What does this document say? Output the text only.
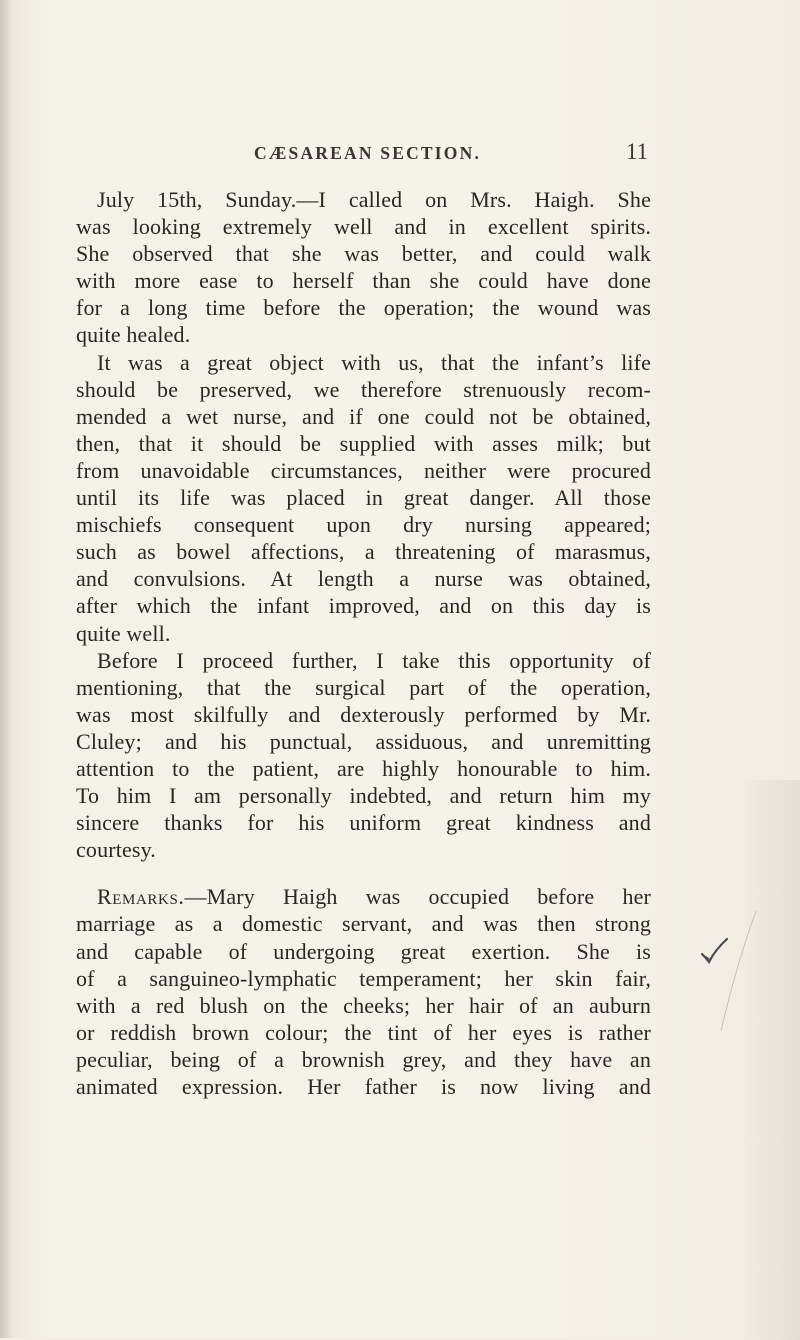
CÆSAREAN SECTION.	11
July 15th, Sunday.—I called on Mrs. Haigh. She
was looking extremely well and in excellent spirits.
She observed that she was better, and could walk
with more ease to herself than she could have done
for a long time before the operation; the wound was
quite healed.
It was a great object with us, that the infant’s life
should be preserved, we therefore strenuously recom-
mended a wet nurse, and if one could not be obtained,
then, that it should be supplied with asses milk; but
from unavoidable circumstances, neither were procured
until its life was placed in great danger. All those
mischiefs consequent upon dry nursing appeared;
such as bowel affections, a threatening of marasmus,
and convulsions. At length a nurse was obtained,
after which the infant improved, and on this day is
quite well.
Before I proceed further, I take this opportunity of
mentioning, that the surgical part of the operation,
was most skilfully and dexterously performed by Mr.
Cluley; and his punctual, assiduous, and unremitting
attention to the patient, are highly honourable to him.
To him I am personally indebted, and return him my
sincere thanks for his uniform great kindness and
courtesy.
Remarks.—Mary Haigh was occupied before her
marriage as a domestic servant, and was then strong
and capable of undergoing great exertion. She is
of a sanguineo-lymphatic temperament; her skin fair,
with a red blush on the cheeks; her hair of an auburn
or reddish brown colour; the tint of her eyes is rather
peculiar, being of a brownish grey, and they have an
animated expression. Her father is now living and
